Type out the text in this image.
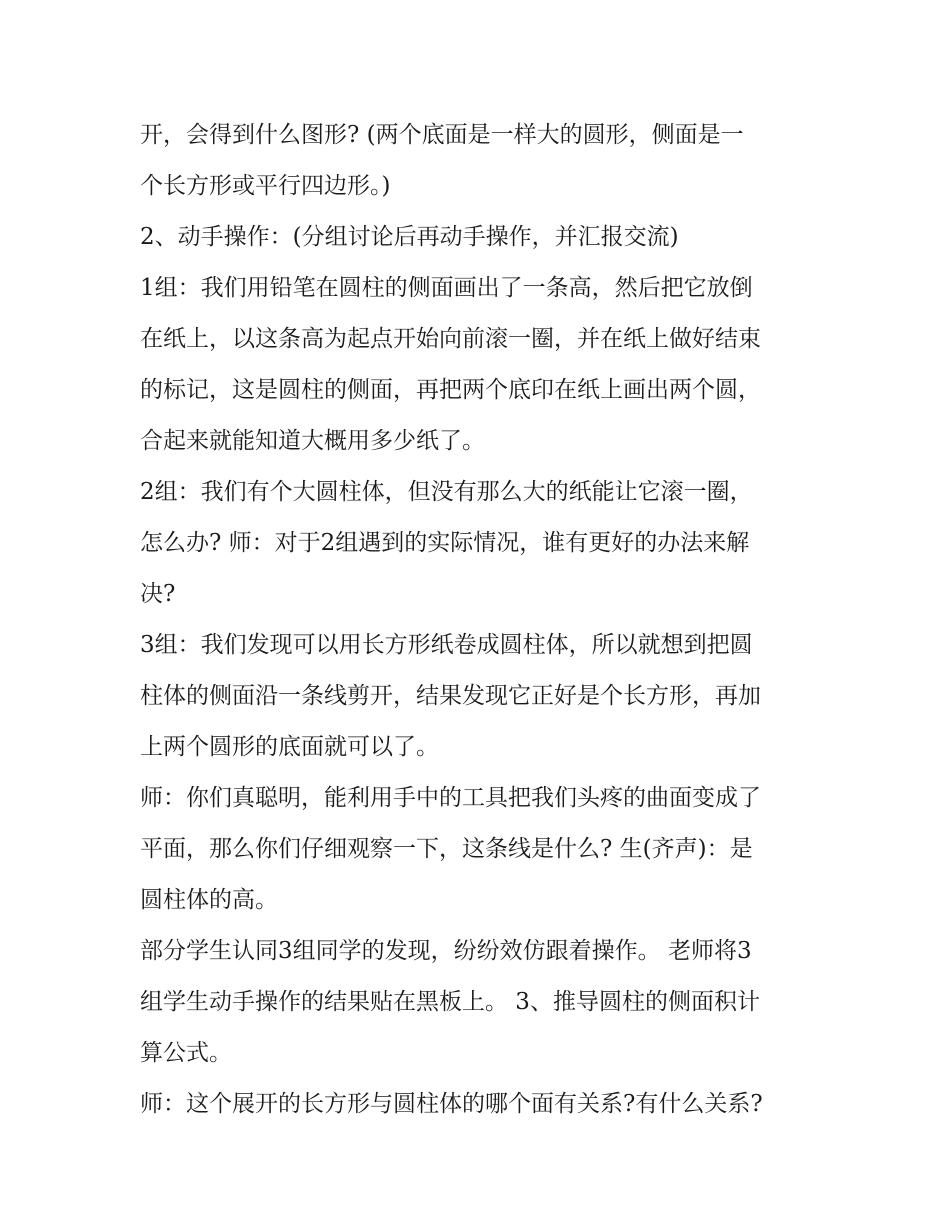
开，会得到什么图形? (两个底面是一样大的圆形，侧面是一
个长方形或平行四边形。)
2、动手操作：(分组讨论后再动手操作，并汇报交流)
1组：我们用铅笔在圆柱的侧面画出了一条高，然后把它放倒
在纸上，以这条高为起点开始向前滚一圈，并在纸上做好结束
的标记，这是圆柱的侧面，再把两个底印在纸上画出两个圆，
合起来就能知道大概用多少纸了。
2组：我们有个大圆柱体，但没有那么大的纸能让它滚一圈，
怎么办? 师：对于2组遇到的实际情况，谁有更好的办法来解
决?
3组：我们发现可以用长方形纸卷成圆柱体，所以就想到把圆
柱体的侧面沿一条线剪开，结果发现它正好是个长方形，再加
上两个圆形的底面就可以了。
师：你们真聪明，能利用手中的工具把我们头疼的曲面变成了
平面，那么你们仔细观察一下，这条线是什么? 生(齐声)：是
圆柱体的高。
部分学生认同3组同学的发现，纷纷效仿跟着操作。 老师将3
组学生动手操作的结果贴在黑板上。 3、推导圆柱的侧面积计
算公式。
师：这个展开的长方形与圆柱体的哪个面有关系?有什么关系?
